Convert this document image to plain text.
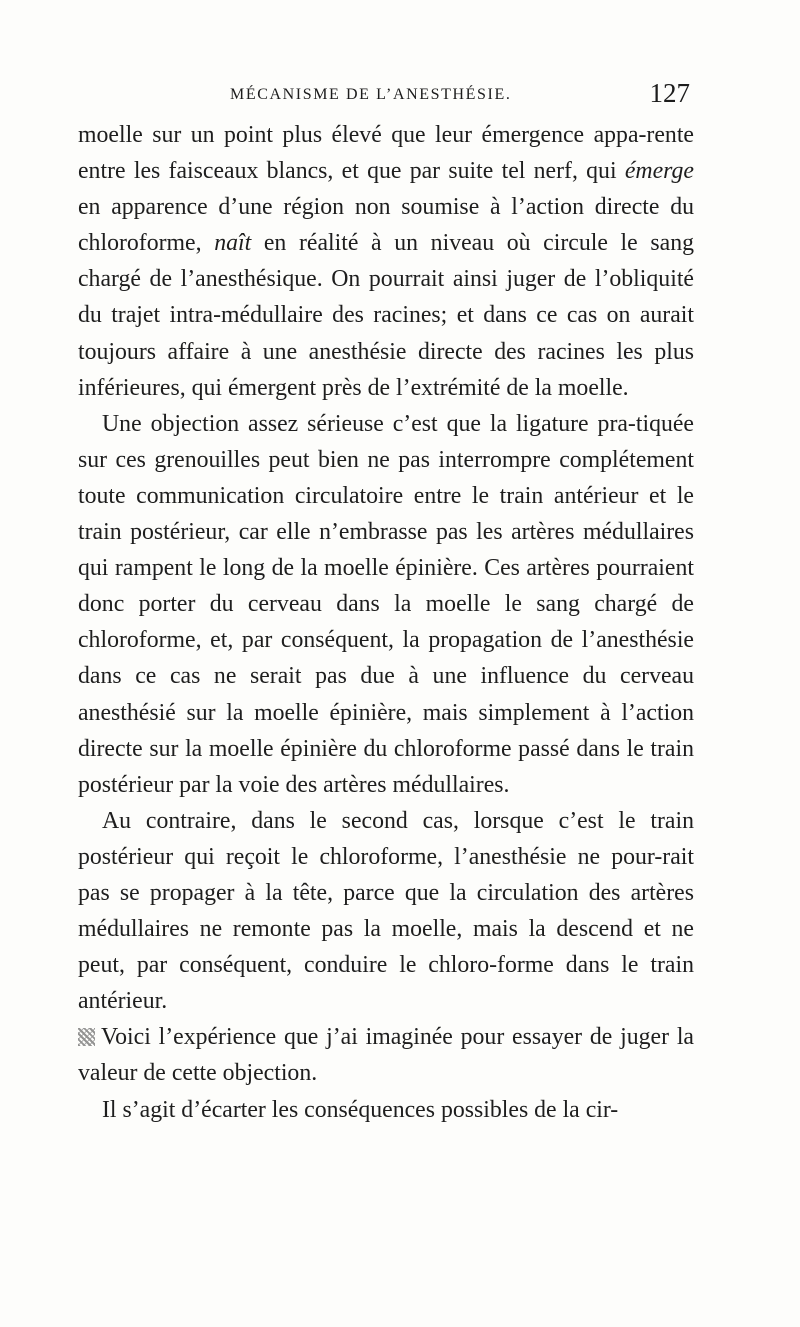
MÉCANISME DE L’ANESTHÉSIE.	127

moelle sur un point plus élevé que leur émergence appa-rente entre les faisceaux blancs, et que par suite tel nerf, qui émerge en apparence d’une région non soumise à l’action directe du chloroforme, naît en réalité à un niveau où circule le sang chargé de l’anesthésique. On pourrait ainsi juger de l’obliquité du trajet intra-médullaire des racines; et dans ce cas on aurait toujours affaire à une anesthésie directe des racines les plus inférieures, qui émergent près de l’extrémité de la moelle.

Une objection assez sérieuse c’est que la ligature pra-tiquée sur ces grenouilles peut bien ne pas interrompre complétement toute communication circulatoire entre le train antérieur et le train postérieur, car elle n’embrasse pas les artères médullaires qui rampent le long de la moelle épinière. Ces artères pourraient donc porter du cerveau dans la moelle le sang chargé de chloroforme, et, par conséquent, la propagation de l’anesthésie dans ce cas ne serait pas due à une influence du cerveau anesthésié sur la moelle épinière, mais simplement à l’action directe sur la moelle épinière du chloroforme passé dans le train postérieur par la voie des artères médullaires.

Au contraire, dans le second cas, lorsque c’est le train postérieur qui reçoit le chloroforme, l’anesthésie ne pour-rait pas se propager à la tête, parce que la circulation des artères médullaires ne remonte pas la moelle, mais la descend et ne peut, par conséquent, conduire le chloro-forme dans le train antérieur.

Voici l’expérience que j’ai imaginée pour essayer de juger la valeur de cette objection.

Il s’agit d’écarter les conséquences possibles de la cir-
